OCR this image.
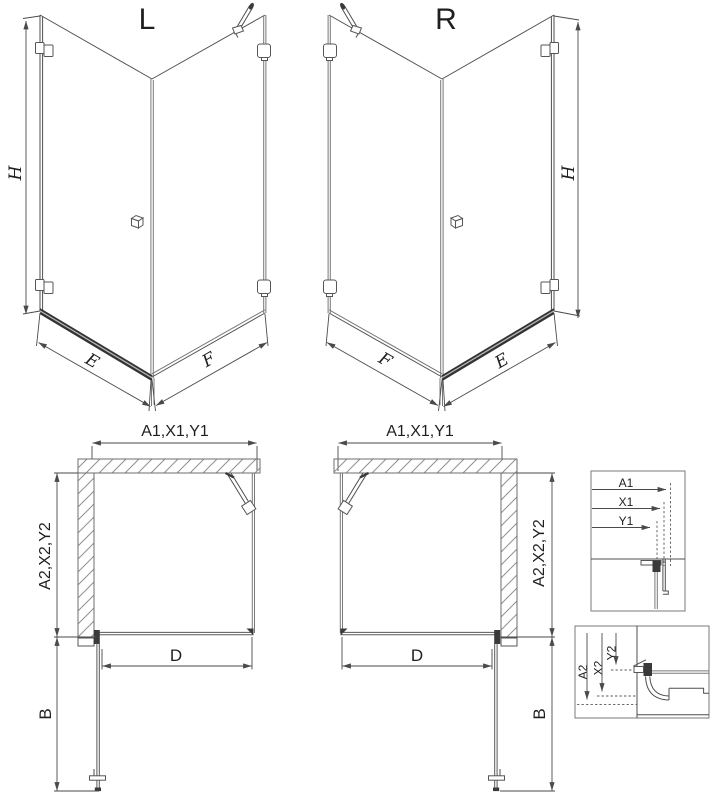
L
H
E	F
R
H
E
F
A1,X1,Y1
D
A2,X2,Y2
B
A1,X1,Y1
D
A2,X2,Y2
B
A1
X1
Y1
A2 X2
Y2
